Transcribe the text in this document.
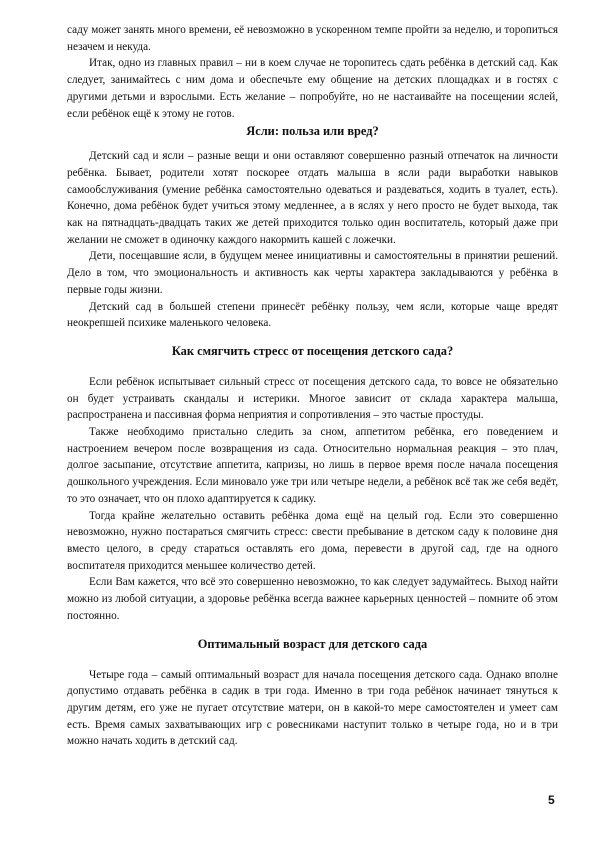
саду может занять много времени, её невозможно в ускоренном темпе пройти за неделю, и торопиться незачем и некуда.

Итак, одно из главных правил – ни в коем случае не торопитесь сдать ребёнка в детский сад. Как следует, занимайтесь с ним дома и обеспечьте ему общение на детских площадках и в гостях с другими детьми и взрослыми. Есть желание – попробуйте, но не настаивайте на посещении яслей, если ребёнок ещё к этому не готов.

Ясли: польза или вред?

Детский сад и ясли – разные вещи и они оставляют совершенно разный отпечаток на личности ребёнка. Бывает, родители хотят поскорее отдать малыша в ясли ради выработки навыков самообслуживания (умение ребёнка самостоятельно одеваться и раздеваться, ходить в туалет, есть). Конечно, дома ребёнок будет учиться этому медленнее, а в яслях у него просто не будет выхода, так как на пятнадцать-двадцать таких же детей приходится только один воспитатель, который даже при желании не сможет в одиночку каждого накормить кашей с ложечки.

Дети, посещавшие ясли, в будущем менее инициативны и самостоятельны в принятии решений. Дело в том, что эмоциональность и активность как черты характера закладываются у ребёнка в первые годы жизни.

Детский сад в большей степени принесёт ребёнку пользу, чем ясли, которые чаще вредят неокрепшей психике маленького человека.

Как смягчить стресс от посещения детского сада?

Если ребёнок испытывает сильный стресс от посещения детского сада, то вовсе не обязательно он будет устраивать скандалы и истерики. Многое зависит от склада характера малыша, распространена и пассивная форма неприятия и сопротивления – это частые простуды.

Также необходимо пристально следить за сном, аппетитом ребёнка, его поведением и настроением вечером после возвращения из сада. Относительно нормальная реакция – это плач, долгое засыпание, отсутствие аппетита, капризы, но лишь в первое время после начала посещения дошкольного учреждения. Если миновало уже три или четыре недели, а ребёнок всё так же себя ведёт, то это означает, что он плохо адаптируется к садику.

Тогда крайне желательно оставить ребёнка дома ещё на целый год. Если это совершенно невозможно, нужно постараться смягчить стресс: свести пребывание в детском саду к половине дня вместо целого, в среду стараться оставлять его дома, перевести в другой сад, где на одного воспитателя приходится меньшее количество детей.

Если Вам кажется, что всё это совершенно невозможно, то как следует задумайтесь. Выход найти можно из любой ситуации, а здоровье ребёнка всегда важнее карьерных ценностей – помните об этом постоянно.

Оптимальный возраст для детского сада

Четыре года – самый оптимальный возраст для начала посещения детского сада. Однако вполне допустимо отдавать ребёнка в садик в три года. Именно в три года ребёнок начинает тянуться к другим детям, его уже не пугает отсутствие матери, он в какой-то мере самостоятелен и умеет сам есть. Время самых захватывающих игр с ровесниками наступит только в четыре года, но и в три можно начать ходить в детский сад.

5
